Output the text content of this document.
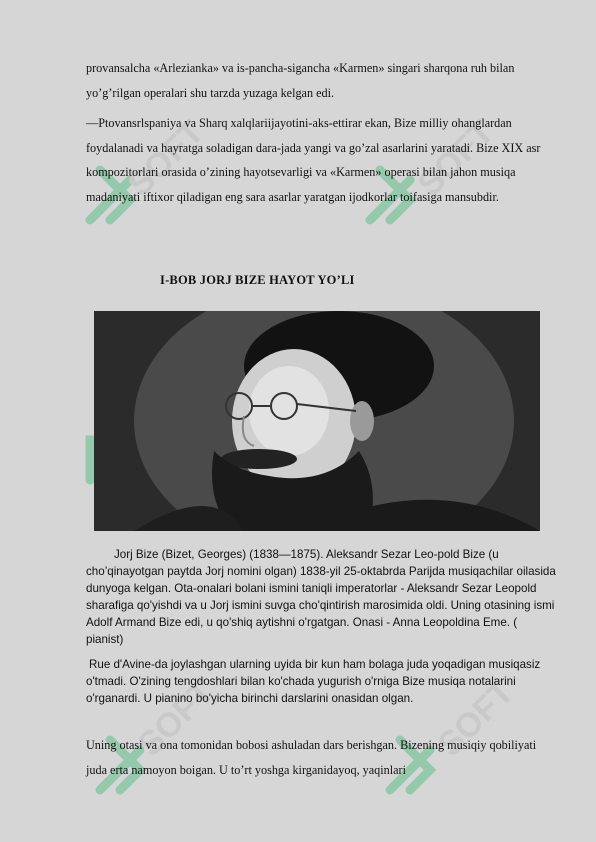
SOFT	SOFT
SOFT	SOFT

provansalcha «Arlezianka» va is-pancha-sigancha «Karmen» singari sharqona ruh bilan yo’g’rilgan operalari shu tarzda yuzaga kelgan edi.

—Ptovansrlspaniya va Sharq xalqlariijayotini-aks-ettirar ekan, Bize milliy ohanglardan foydalanadi va hayratga soladigan dara-jada yangi va go’zal asarlarini yaratadi. Bize XIX asr kompozitorlari orasida o’zining hayotsevarligi va «Karmen» operasi bilan jahon musiqa madaniyati iftixor qiladigan eng sara asarlar yaratgan ijodkorlar toifasiga mansubdir.

I-BOB JORJ BIZE HAYOT YO’LI

Jorj Bize (Bizet, Georges) (1838—1875). Aleksandr Sezar Leo-pold Bize (u cho’qinayotgan paytda Jorj nomini olgan) 1838-yil 25-oktabrda Parijda musiqachilar oilasida dunyoga kelgan. Ota-onalari bolani ismini taniqli imperatorlar - Aleksandr Sezar Leopold sharafiga qo'yishdi va u Jorj ismini suvga cho'qintirish marosimida oldi. Uning otasining ismi Adolf Armand Bize edi, u qo'shiq aytishni o'rgatgan. Onasi - Anna Leopoldina Eme. ( pianist)

Rue d'Avine-da joylashgan ularning uyida bir kun ham bolaga juda yoqadigan musiqasiz o'tmadi. O'zining tengdoshlari bilan ko'chada yugurish o'rniga Bize musiqa notalarini o'rganardi. U pianino bo'yicha birinchi darslarini onasidan olgan.

Uning otasi va ona tomonidan bobosi ashuladan dars berishgan. Bizening musiqiy qobiliyati juda erta namoyon boigan. U to’rt yoshga kirganidayoq, yaqinlari
